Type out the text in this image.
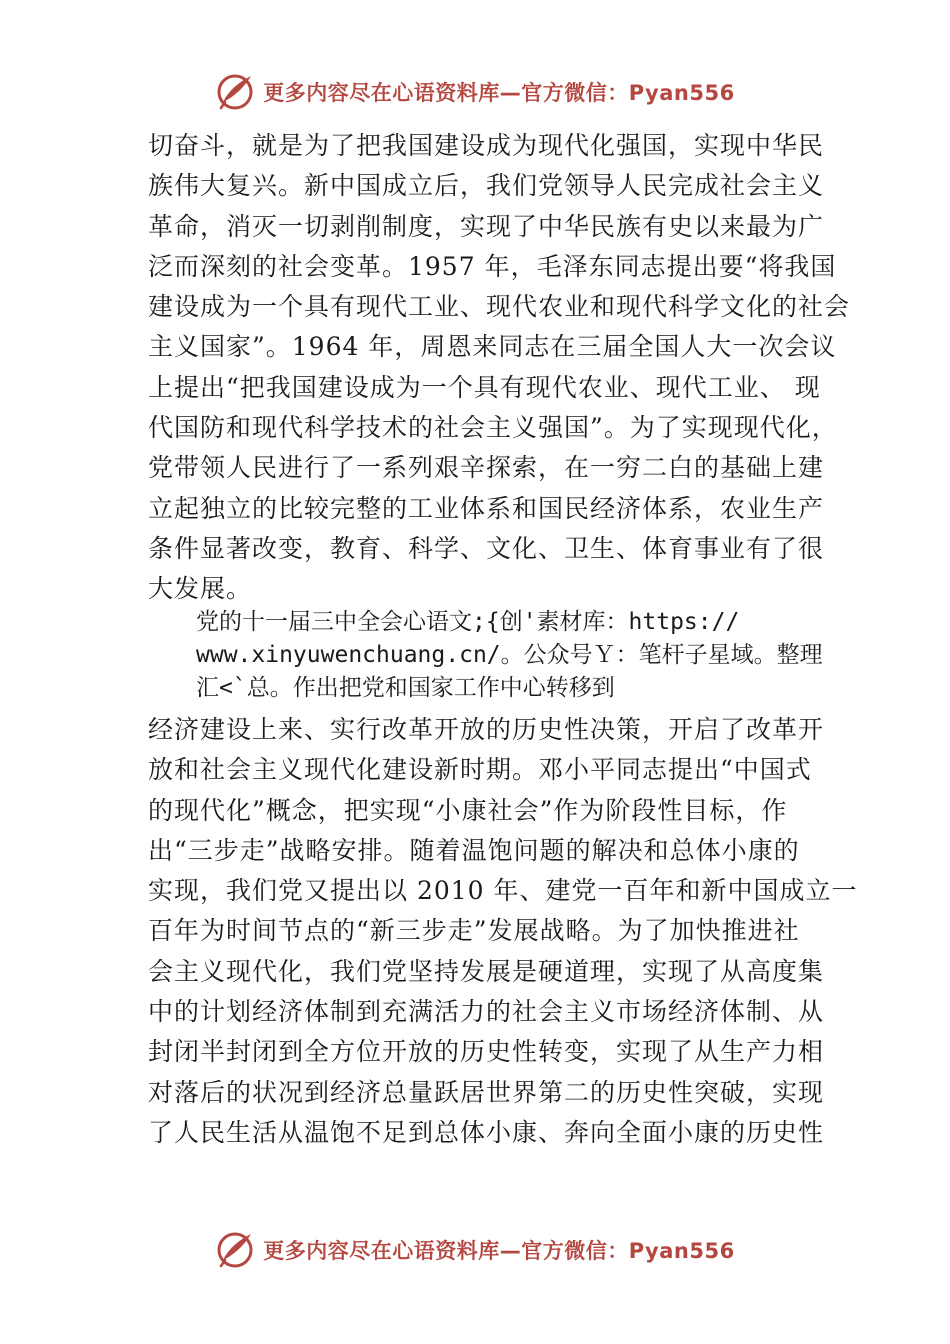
更多内容尽在心语资料库—官方微信：Pyan556
切奋斗，就是为了把我国建设成为现代化强国，实现中华民
族伟大复兴。新中国成立后，我们党领导人民完成社会主义
革命，消灭一切剥削制度，实现了中华民族有史以来最为广
泛而深刻的社会变革。1957 年，毛泽东同志提出要“将我国
建设成为一个具有现代工业、现代农业和现代科学文化的社会
主义国家”。1964 年，周恩来同志在三届全国人大一次会议
上提出“把我国建设成为一个具有现代农业、现代工业、 现
代国防和现代科学技术的社会主义强国”。为了实现现代化，
党带领人民进行了一系列艰辛探索，在一穷二白的基础上建
立起独立的比较完整的工业体系和国民经济体系，农业生产
条件显著改变，教育、科学、文化、卫生、体育事业有了很
大发展。
党的十一届三中全会心语文;{创'素材库：https://
www.xinyuwenchuang.cn/。公众号Ｙ：笔杆子星域。整理
汇<`总。作出把党和国家工作中心转移到
经济建设上来、实行改革开放的历史性决策，开启了改革开
放和社会主义现代化建设新时期。邓小平同志提出“中国式
的现代化”概念，把实现“小康社会”作为阶段性目标，作
出“三步走”战略安排。随着温饱问题的解决和总体小康的
实现，我们党又提出以 2010 年、建党一百年和新中国成立一
百年为时间节点的“新三步走”发展战略。为了加快推进社
会主义现代化，我们党坚持发展是硬道理，实现了从高度集
中的计划经济体制到充满活力的社会主义市场经济体制、从
封闭半封闭到全方位开放的历史性转变，实现了从生产力相
对落后的状况到经济总量跃居世界第二的历史性突破，实现
了人民生活从温饱不足到总体小康、奔向全面小康的历史性
更多内容尽在心语资料库—官方微信：Pyan556
